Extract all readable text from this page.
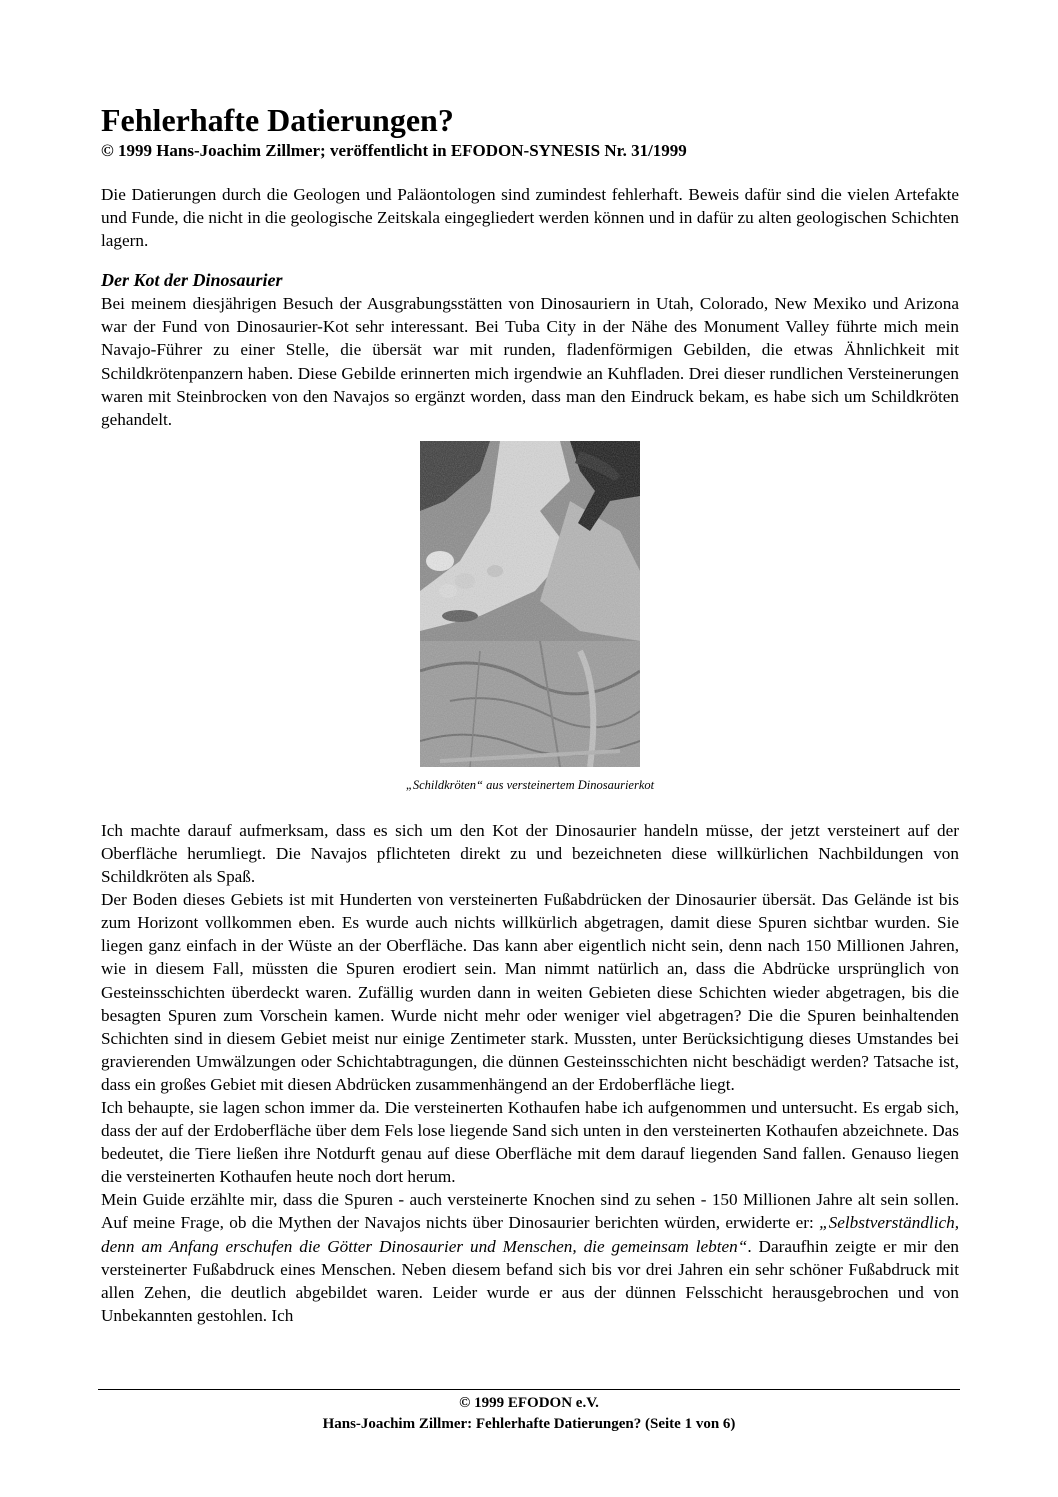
Fehlerhafte Datierungen?
© 1999 Hans-Joachim Zillmer; veröffentlicht in EFODON-SYNESIS Nr. 31/1999

Die Datierungen durch die Geologen und Paläontologen sind zumindest fehlerhaft. Beweis dafür sind die vielen Artefakte und Funde, die nicht in die geologische Zeitskala eingegliedert werden können und in dafür zu alten geologischen Schichten lagern.

Der Kot der Dinosaurier

Bei meinem diesjährigen Besuch der Ausgrabungsstätten von Dinosauriern in Utah, Colorado, New Mexiko und Arizona war der Fund von Dinosaurier-Kot sehr interessant. Bei Tuba City in der Nähe des Monument Valley führte mich mein Navajo-Führer zu einer Stelle, die übersät war mit runden, fladenförmigen Gebilden, die etwas Ähnlichkeit mit Schildkrötenpanzern haben. Diese Gebilde erinnerten mich irgendwie an Kuhfladen. Drei dieser rundlichen Versteinerungen waren mit Steinbrocken von den Navajos so ergänzt worden, dass man den Eindruck bekam, es habe sich um Schildkröten gehandelt.

„Schildkröten“ aus versteinertem Dinosaurierkot

Ich machte darauf aufmerksam, dass es sich um den Kot der Dinosaurier handeln müsse, der jetzt versteinert auf der Oberfläche herumliegt. Die Navajos pflichteten direkt zu und bezeichneten diese willkürlichen Nachbildungen von Schildkröten als Spaß.

Der Boden dieses Gebiets ist mit Hunderten von versteinerten Fußabdrücken der Dinosaurier übersät. Das Gelände ist bis zum Horizont vollkommen eben. Es wurde auch nichts willkürlich abgetragen, damit diese Spuren sichtbar wurden. Sie liegen ganz einfach in der Wüste an der Oberfläche. Das kann aber eigentlich nicht sein, denn nach 150 Millionen Jahren, wie in diesem Fall, müssten die Spuren erodiert sein. Man nimmt natürlich an, dass die Abdrücke ursprünglich von Gesteinsschichten überdeckt waren. Zufällig wurden dann in weiten Gebieten diese Schichten wieder abgetragen, bis die besagten Spuren zum Vorschein kamen. Wurde nicht mehr oder weniger viel abgetragen? Die die Spuren beinhaltenden Schichten sind in diesem Gebiet meist nur einige Zentimeter stark. Mussten, unter Berücksichtigung dieses Umstandes bei gravierenden Umwälzungen oder Schichtabtragungen, die dünnen Gesteinsschichten nicht beschädigt werden? Tatsache ist, dass ein großes Gebiet mit diesen Abdrücken zusammenhängend an der Erdoberfläche liegt.

Ich behaupte, sie lagen schon immer da. Die versteinerten Kothaufen habe ich aufgenommen und untersucht. Es ergab sich, dass der auf der Erdoberfläche über dem Fels lose liegende Sand sich unten in den versteinerten Kothaufen abzeichnete. Das bedeutet, die Tiere ließen ihre Notdurft genau auf diese Oberfläche mit dem darauf liegenden Sand fallen. Genauso liegen die versteinerten Kothaufen heute noch dort herum.

Mein Guide erzählte mir, dass die Spuren - auch versteinerte Knochen sind zu sehen - 150 Millionen Jahre alt sein sollen. Auf meine Frage, ob die Mythen der Navajos nichts über Dinosaurier berichten würden, erwiderte er: „Selbstverständlich, denn am Anfang erschufen die Götter Dinosaurier und Menschen, die gemeinsam lebten“. Daraufhin zeigte er mir den versteinerter Fußabdruck eines Menschen. Neben diesem befand sich bis vor drei Jahren ein sehr schöner Fußabdruck mit allen Zehen, die deutlich abgebildet waren. Leider wurde er aus der dünnen Felsschicht herausgebrochen und von Unbekannten gestohlen. Ich

© 1999 EFODON e.V.
Hans-Joachim Zillmer: Fehlerhafte Datierungen? (Seite 1 von 6)
